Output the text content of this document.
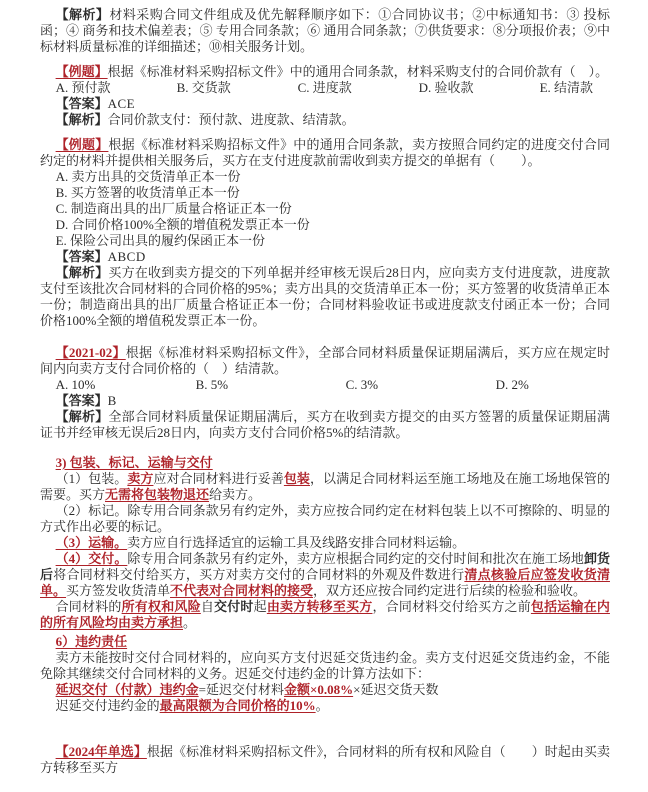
【解析】材料采购合同文件组成及优先解释顺序如下：①合同协议书；②中标通知书：③ 投标函；④ 商务和技术偏差表；⑤ 专用合同条款；⑥ 通用合同条款；⑦供货要求：⑧分项报价表；⑨中标材料质量标准的详细描述；⑩相关服务计划。

【例题】根据《标准材料采购招标文件》中的通用合同条款，材料采购支付的合同价款有（　）。

A. 预付款	B. 交货款	C. 进度款	D. 验收款	E. 结清款

【答案】ACE

【解析】合同价款支付：预付款、进度款、结清款。

【例题】根据《标准材料采购招标文件》中的通用合同条款，卖方按照合同约定的进度交付合同约定的材料并提供相关服务后，买方在支付进度款前需收到卖方提交的单据有（　　）。

A. 卖方出具的交货清单正本一份

B. 买方签署的收货清单正本一份

C. 制造商出具的出厂质量合格证正本一份

D. 合同价格100%全额的增值税发票正本一份

E. 保险公司出具的履约保函正本一份

【答案】ABCD

【解析】买方在收到卖方提交的下列单据并经审核无误后28日内，应向卖方支付进度款，进度款支付至该批次合同材料的合同价格的95%；卖方出具的交货清单正本一份；买方签署的收货清单正本一份；制造商出具的出厂质量合格证正本一份；合同材料验收证书或进度款支付函正本一份；合同价格100%全额的增值税发票正本一份。

【2021-02】根据《标准材料采购招标文件》，全部合同材料质量保证期届满后，买方应在规定时间内向卖方支付合同价格的（　）结清款。

A. 10%	B. 5%	C. 3%	D. 2%

【答案】B

【解析】全部合同材料质量保证期届满后，买方在收到卖方提交的由买方签署的质量保证期届满证书并经审核无误后28日内，向卖方支付合同价格5%的结清款。

3) 包装、标记、运输与交付

（1）包装。卖方应对合同材料进行妥善包装，以满足合同材料运至施工场地及在施工场地保管的需要。买方无需将包装物退还给卖方。

（2）标记。除专用合同条款另有约定外，卖方应按合同约定在材料包装上以不可擦除的、明显的方式作出必要的标记。

（3）运输。卖方应自行选择适宜的运输工具及线路安排合同材料运输。

（4）交付。除专用合同条款另有约定外，卖方应根据合同约定的交付时间和批次在施工场地卸货后将合同材料交付给买方，买方对卖方交付的合同材料的外观及件数进行清点核验后应签发收货清单。买方签发收货清单不代表对合同材料的接受，双方还应按合同约定进行后续的检验和验收。

合同材料的所有权和风险自交付时起由卖方转移至买方，合同材料交付给买方之前包括运输在内的所有风险均由卖方承担。

6）违约责任

卖方未能按时交付合同材料的，应向买方支付迟延交货违约金。卖方支付迟延交货违约金，不能免除其继续交付合同材料的义务。迟延交付违约金的计算方法如下：

延迟交付（付款）违约金=延迟交付材料金额×0.08%×延迟交货天数

迟延交付违约金的最高限额为合同价格的10%。

【2024年单选】根据《标准材料采购招标文件》，合同材料的所有权和风险自（　　）时起由买卖方转移至买方
